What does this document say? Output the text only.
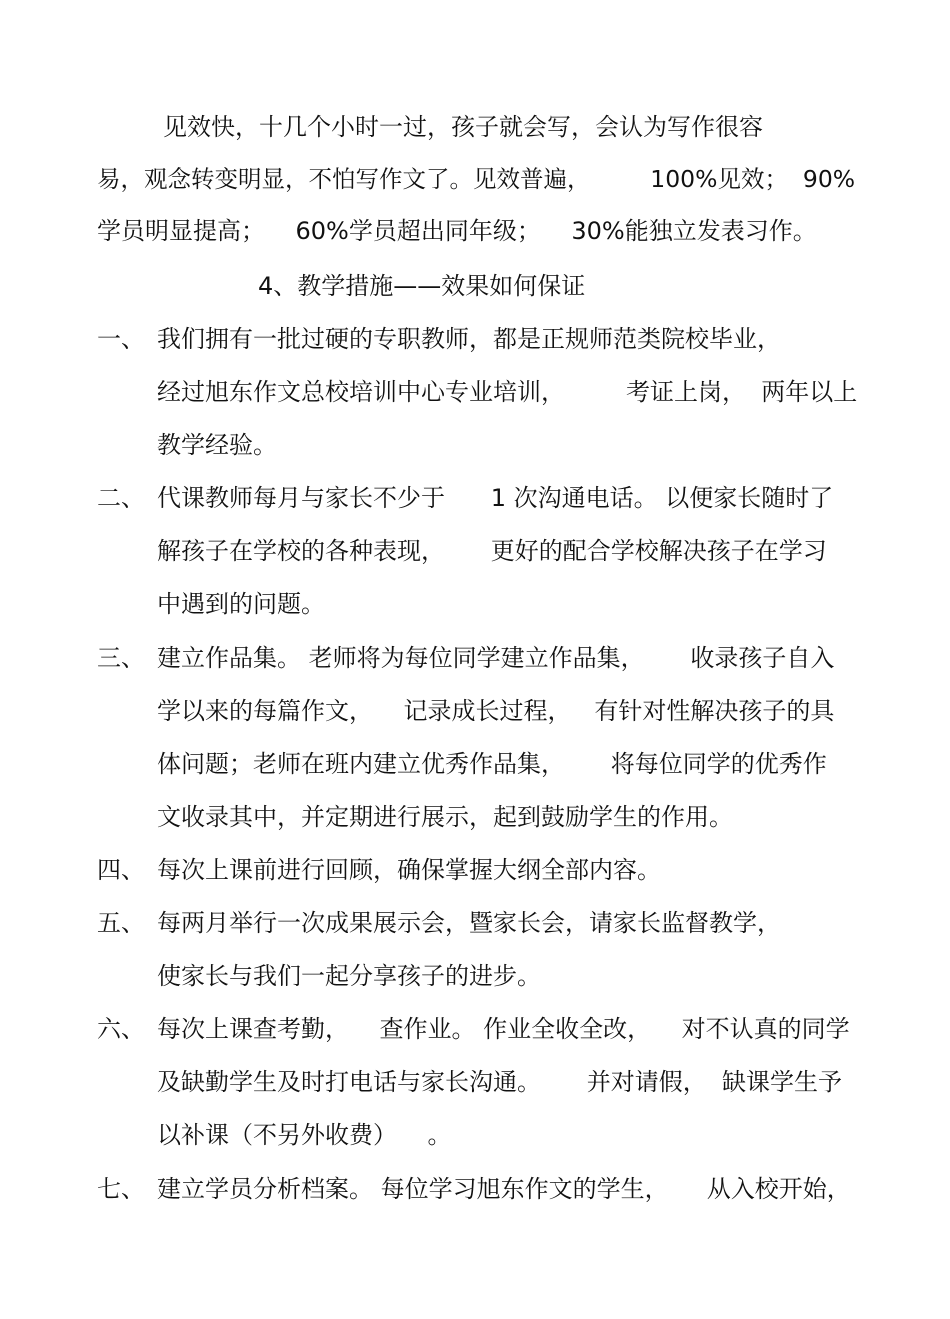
见效快，十几个小时一过，孩子就会写，会认为写作很容
易，观念转变明显，不怕写作文了。见效普遍，        100%见效；  90%
学员明显提高；    60%学员超出同年级；    30%能独立发表习作。
4、教学措施——效果如何保证
一、 我们拥有一批过硬的专职教师，都是正规师范类院校毕业，
经过旭东作文总校培训中心专业培训，        考证上岗，  两年以上
教学经验。
二、 代课教师每月与家长不少于      1 次沟通电话。 以便家长随时了
解孩子在学校的各种表现，      更好的配合学校解决孩子在学习
中遇到的问题。
三、 建立作品集。 老师将为每位同学建立作品集，      收录孩子自入
学以来的每篇作文，    记录成长过程，   有针对性解决孩子的具
体问题；老师在班内建立优秀作品集，      将每位同学的优秀作
文收录其中，并定期进行展示，起到鼓励学生的作用。
四、 每次上课前进行回顾，确保掌握大纲全部内容。
五、 每两月举行一次成果展示会，暨家长会，请家长监督教学，
使家长与我们一起分享孩子的进步。
六、 每次上课查考勤，    查作业。 作业全收全改，    对不认真的同学
及缺勤学生及时打电话与家长沟通。      并对请假，  缺课学生予
以补课（不另外收费）    。
七、 建立学员分析档案。 每位学习旭东作文的学生，     从入校开始，
